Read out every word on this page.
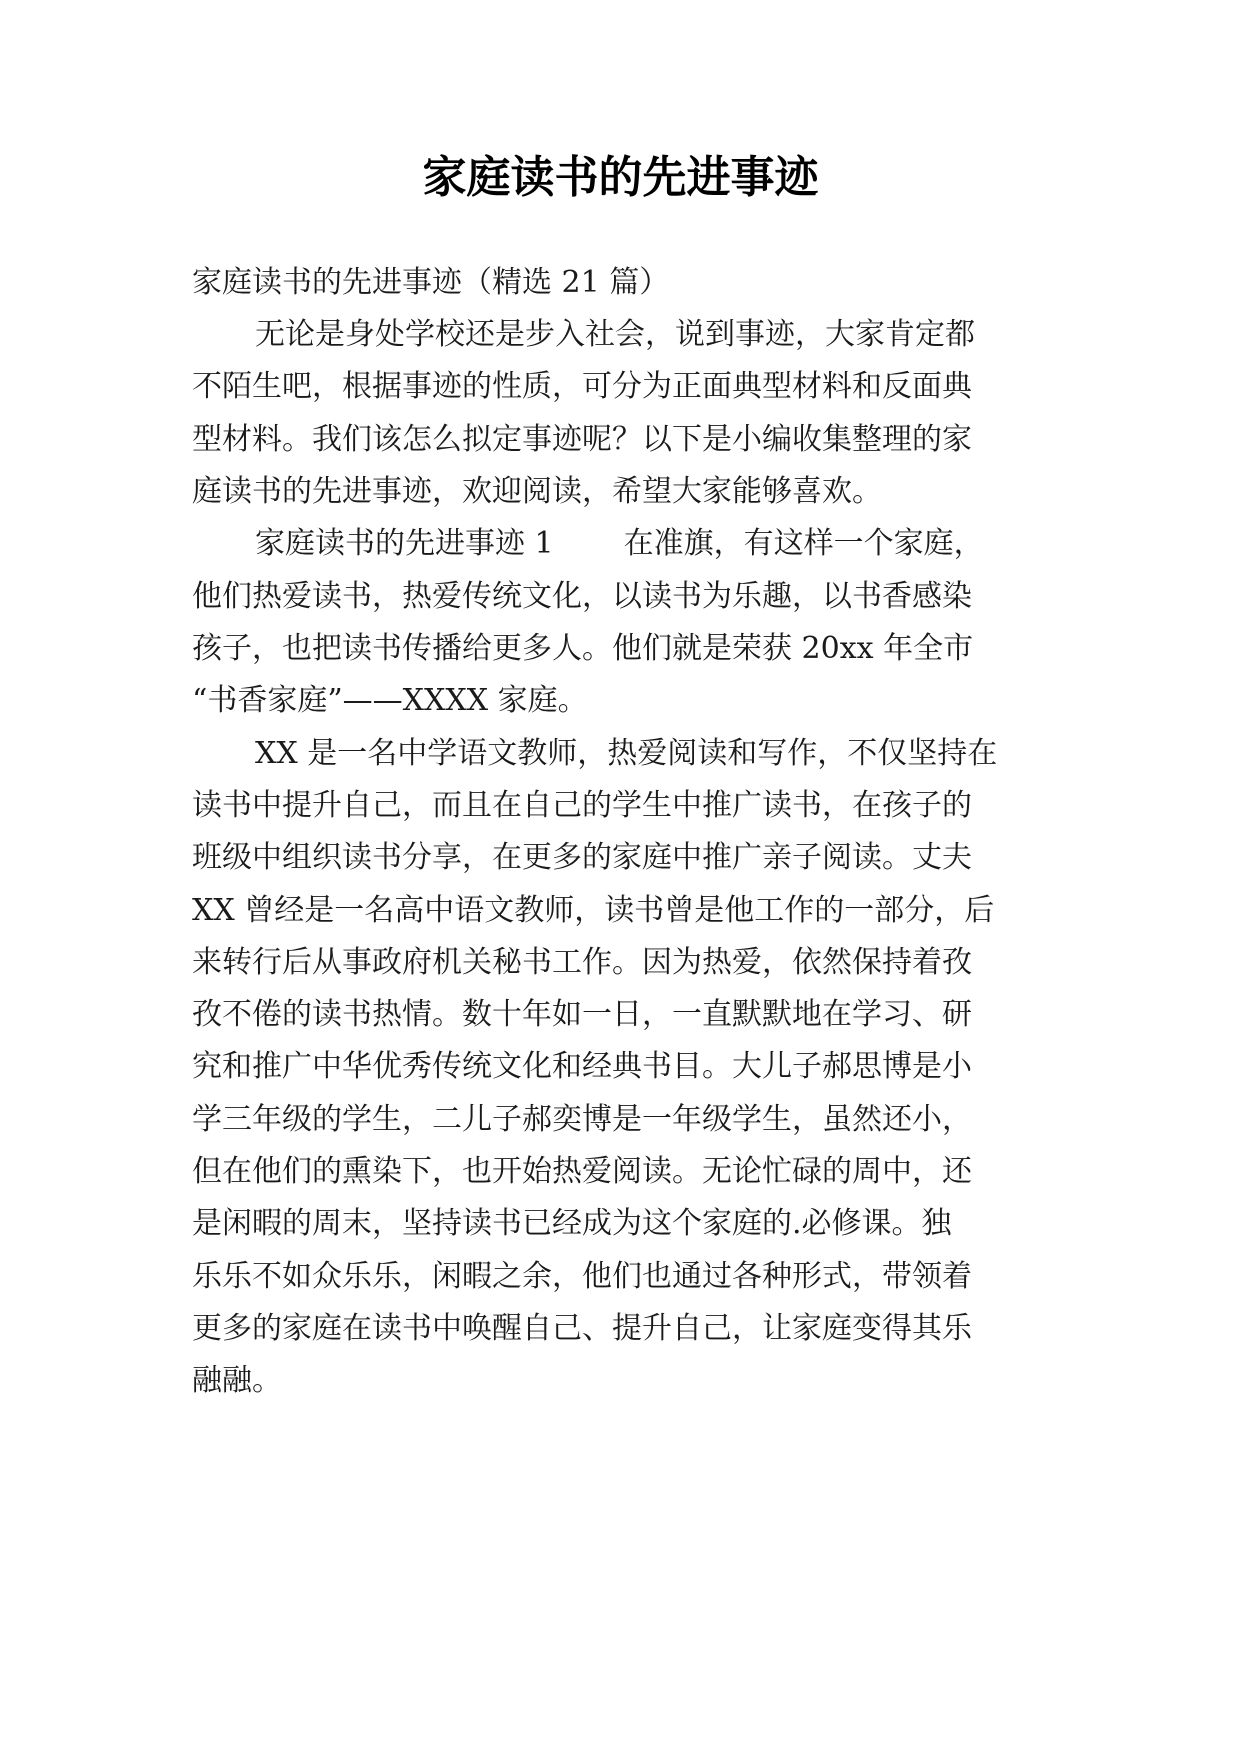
家庭读书的先进事迹

家庭读书的先进事迹（精选 21 篇）

无论是身处学校还是步入社会，说到事迹，大家肯定都

不陌生吧，根据事迹的性质，可分为正面典型材料和反面典

型材料。我们该怎么拟定事迹呢？以下是小编收集整理的家

庭读书的先进事迹，欢迎阅读，希望大家能够喜欢。

家庭读书的先进事迹 1 在准旗，有这样一个家庭，

他们热爱读书，热爱传统文化，以读书为乐趣，以书香感染

孩子，也把读书传播给更多人。他们就是荣获 20xx 年全市

“书香家庭”——XXXX 家庭。

XX 是一名中学语文教师，热爱阅读和写作，不仅坚持在

读书中提升自己，而且在自己的学生中推广读书，在孩子的

班级中组织读书分享，在更多的家庭中推广亲子阅读。丈夫

XX 曾经是一名高中语文教师，读书曾是他工作的一部分，后

来转行后从事政府机关秘书工作。因为热爱，依然保持着孜

孜不倦的读书热情。数十年如一日，一直默默地在学习、研

究和推广中华优秀传统文化和经典书目。大儿子郝思博是小

学三年级的学生，二儿子郝奕博是一年级学生，虽然还小，

但在他们的熏染下，也开始热爱阅读。无论忙碌的周中，还

是闲暇的周末，坚持读书已经成为这个家庭的.必修课。独

乐乐不如众乐乐，闲暇之余，他们也通过各种形式，带领着

更多的家庭在读书中唤醒自己、提升自己，让家庭变得其乐

融融。
